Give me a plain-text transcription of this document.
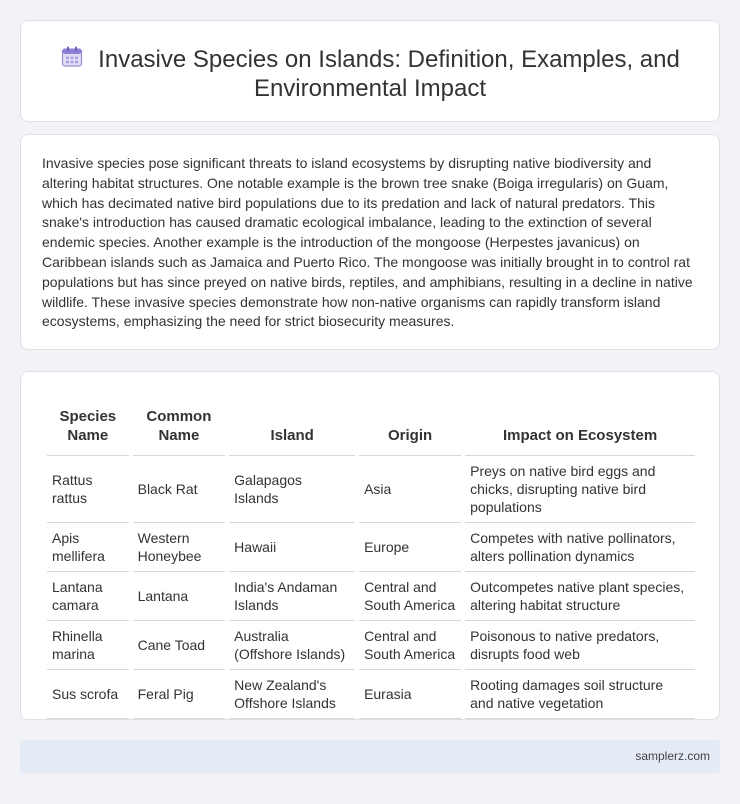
Invasive Species on Islands: Definition, Examples, and Environmental Impact

Invasive species pose significant threats to island ecosystems by disrupting native biodiversity and altering habitat structures. One notable example is the brown tree snake (Boiga irregularis) on Guam, which has decimated native bird populations due to its predation and lack of natural predators. This snake's introduction has caused dramatic ecological imbalance, leading to the extinction of several endemic species. Another example is the introduction of the mongoose (Herpestes javanicus) on Caribbean islands such as Jamaica and Puerto Rico. The mongoose was initially brought in to control rat populations but has since preyed on native birds, reptiles, and amphibians, resulting in a decline in native wildlife. These invasive species demonstrate how non-native organisms can rapidly transform island ecosystems, emphasizing the need for strict biosecurity measures.

Species Name	Common Name	Island	Origin	Impact on Ecosystem
Rattus rattus	Black Rat	Galapagos Islands	Asia	Preys on native bird eggs and chicks, disrupting native bird populations
Apis mellifera	Western Honeybee	Hawaii	Europe	Competes with native pollinators, alters pollination dynamics
Lantana camara	Lantana	India's Andaman Islands	Central and South America	Outcompetes native plant species, altering habitat structure
Rhinella marina	Cane Toad	Australia (Offshore Islands)	Central and South America	Poisonous to native predators, disrupts food web
Sus scrofa	Feral Pig	New Zealand's Offshore Islands	Eurasia	Rooting damages soil structure and native vegetation
samplerz.com
